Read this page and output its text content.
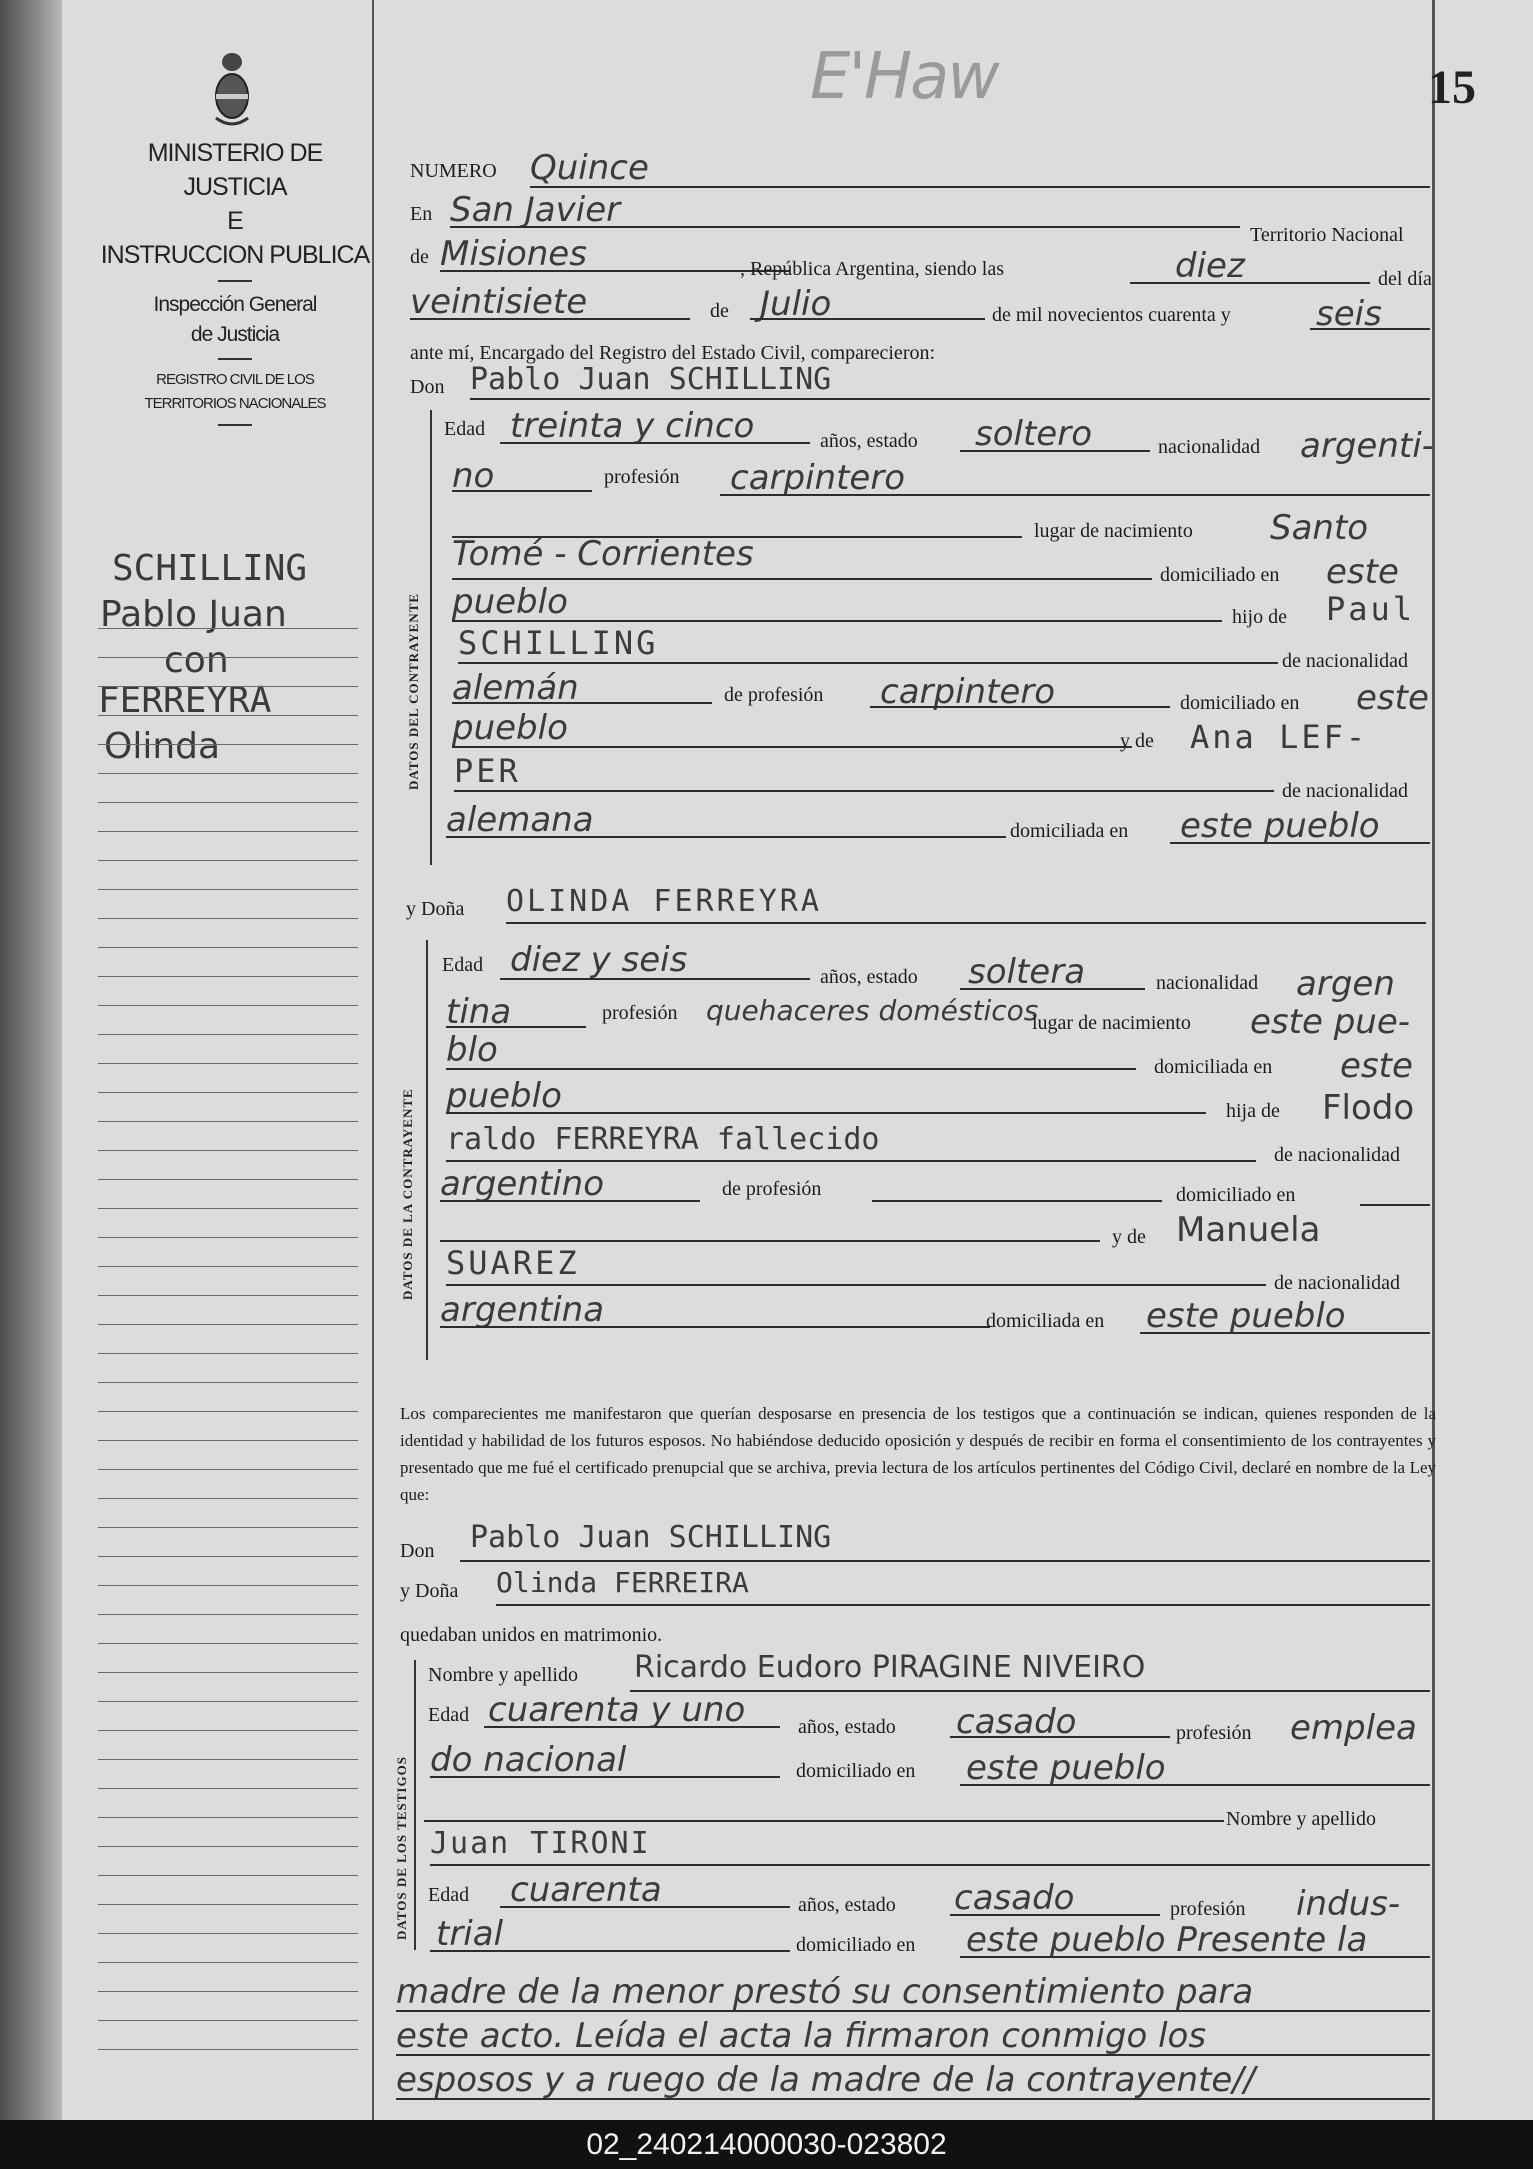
MINISTERIO DE JUSTICIA
E
INSTRUCCION PUBLICA
Inspección General
de Justicia
REGISTRO CIVIL DE LOS
TERRITORIOS NACIONALES
SCHILLING
Pablo Juan
con
FERREYRA
Olinda
E'Haw	15
NUMERO Quince
En San Javier
Territorio Nacional
de Misiones	, República Argentina, siendo las	diez	del día
veintisiete	de Julio	de mil novecientos cuarenta y	seis
ante mí, Encargado del Registro del Estado Civil, comparecieron:
Don Pablo Juan SCHILLING
DATOS DEL CONTRAYENTE
Edad treinta y cinco	años, estado soltero	nacionalidad argenti-
no	profesión carpintero
lugar de nacimiento Santo
Tomé - Corrientes
domiciliado en este
pueblo	hijo de Paul
SCHILLING	de nacionalidad
alemán	de profesión carpintero	domiciliado en este
pueblo	y de Ana LEF-
PER
de nacionalidad
alemana	domiciliada en este pueblo
y Doña OLINDA FERREYRA
DATOS DE LA CONTRAYENTE
Edad diez y seis	años, estado soltera	nacionalidad argen
tina	profesión quehaceres domésticos
lugar de nacimiento este pue-
blo	domiciliada en este
pueblo	hija de Flodo
raldo FERREYRA fallecido	de nacionalidad
argentino	de profesión	domiciliado en
y de Manuela
SUAREZ
de nacionalidad
argentina	domiciliada en este pueblo
Los comparecientes me manifestaron que querían desposarse en presencia de los testigos que a continuación se indican, quienes responden de la identidad y habilidad de los futuros esposos. No habiéndose deducido oposición y después de recibir en forma el consentimiento de los contrayentes y presentado que me fué el certificado prenupcial que se archiva, previa lectura de los artículos pertinentes del Código Civil, declaré en nombre de la Ley que:
Don Pablo Juan SCHILLING
y Doña Olinda FERREIRA
quedaban unidos en matrimonio.
DATOS DE LOS TESTIGOS
Nombre y apellido Ricardo Eudoro PIRAGINE NIVEIRO
Edad cuarenta y uno	años, estado casado	profesión emplea
do nacional	domiciliado en este pueblo
Nombre y apellido
Juan TIRONI
Edad cuarenta	años, estado casado	profesión indus-
trial	domiciliado en este pueblo Presente la
madre de la menor prestó su consentimiento para
este acto. Leída el acta la firmaron conmigo los
esposos y a ruego de la madre de la contrayente//
02_240214000030-023802
